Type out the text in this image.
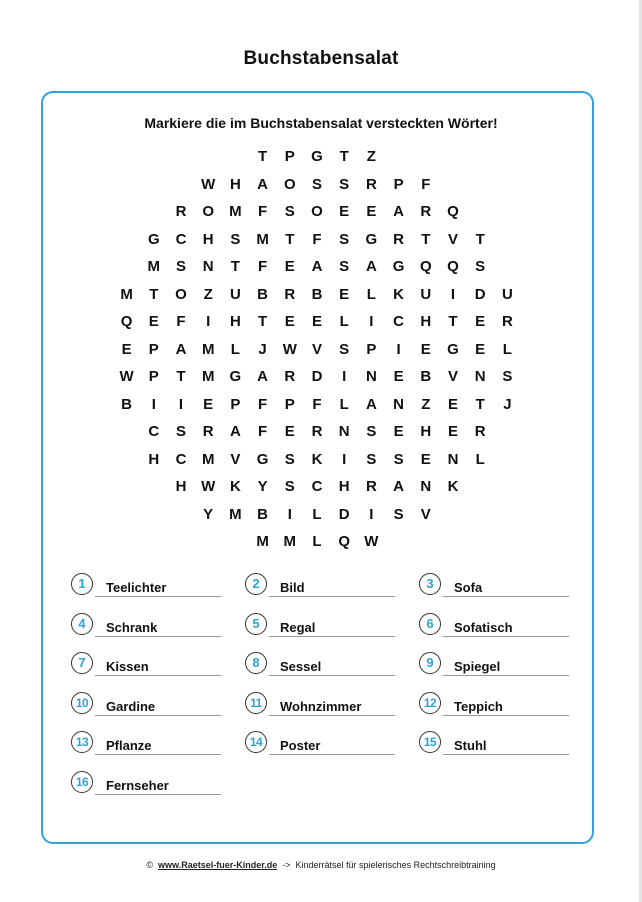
Buchstabensalat
Markiere die im Buchstabensalat versteckten Wörter!
T	P	G	T	Z
W H	A	O	S	S	R	P	F
R	O M	F	S	O	E	E	A	R	Q
G	C	H	S	M	T	F	S	G	R	T	V	T
M	S	N	T	F	E	A	S	A	G Q Q	S
M	T	O	Z	U	B	R	B	E	L	K	U	I	D	U
Q	E	F	I	H	T	E	E	L	I	C	H	T	E	R
E	P	A	M	L	J	W	V	S	P	I	E	G	E	L
W	P	T	M G	A	R	D	I	N	E	B	V	N	S
B	I	I	E	P	F	P	F	L	A	N	Z	E	T	J
C	S	R	A	F	E	R	N	S	E	H	E	R
H	C	M	V	G	S	K	I	S	S	E	N	L
H W K	Y	S	C	H	R	A	N	K
Y	M	B	I	L	D	I	S	V
M M	L	Q W
1	Teelichter	2	Bild	3	Sofa
4	Schrank	5	Regal	6	Sofatisch
7	Kissen	8	Sessel	9	Spiegel
10	Gardine	11	Wohnzimmer	12	Teppich
13	Pflanze	14	Poster	15	Stuhl
16	Fernseher
© www.Raetsel-fuer-Kinder.de -> Kinderrätsel für spielerisches Rechtschreibtraining
